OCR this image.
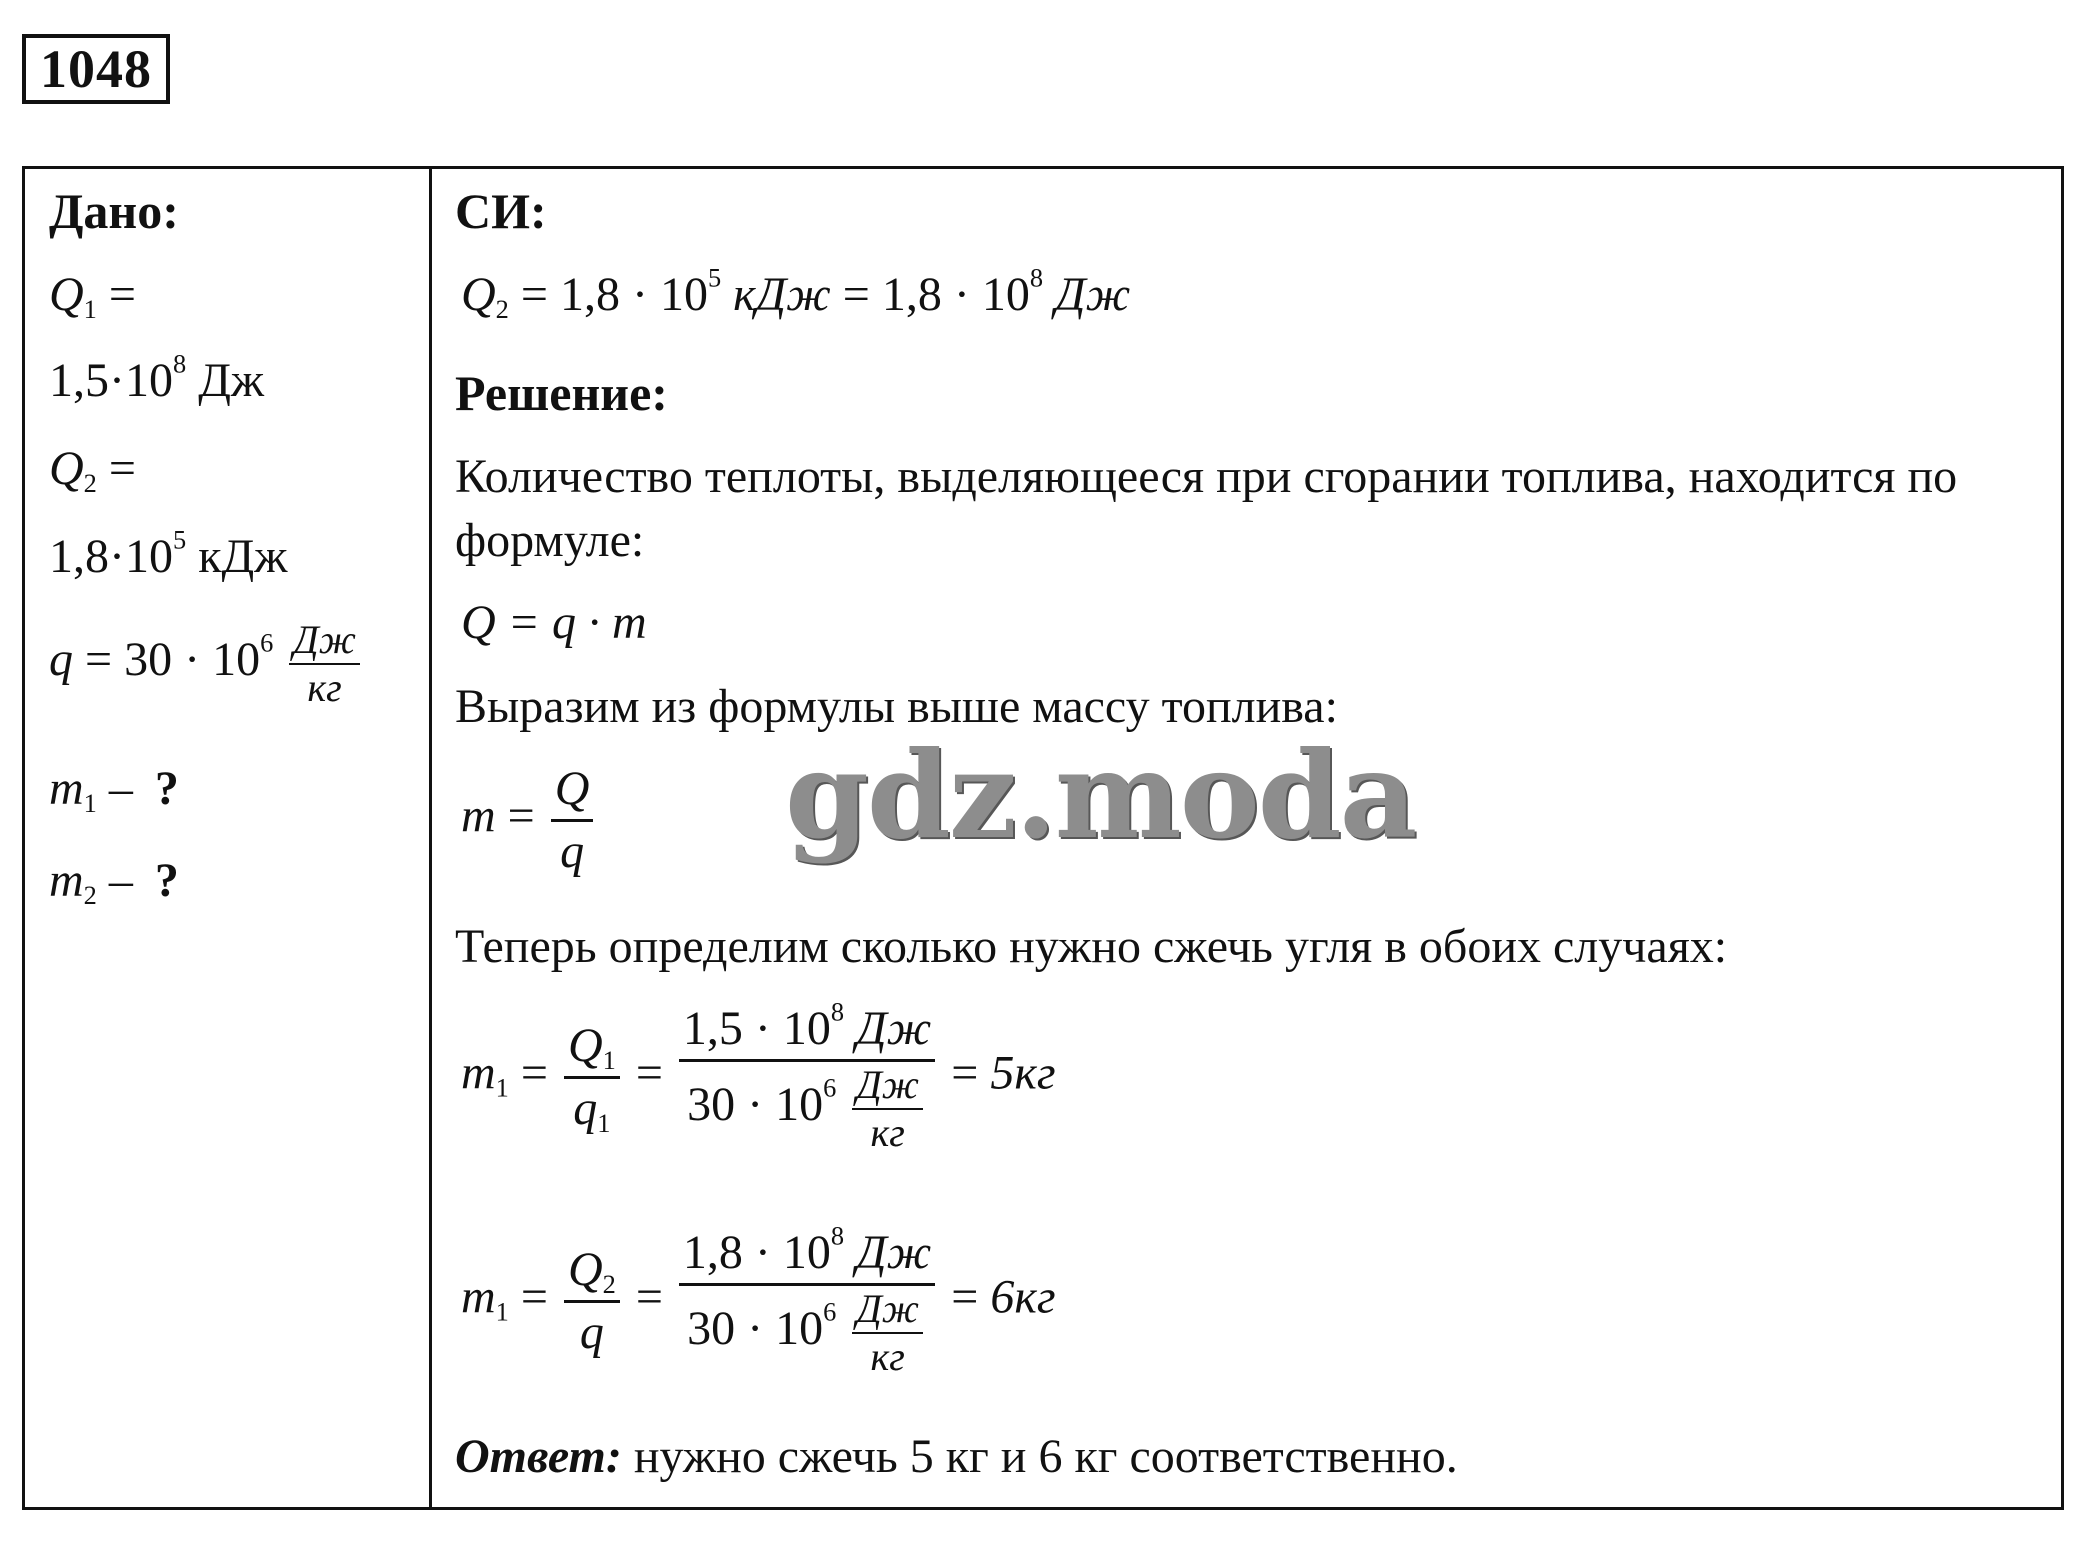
1048
Дано:
$Q_1$ =
$1,5\cdot 10^8$ Дж
$Q_2$ =
$1,8\cdot 10^5$ кДж
$q = 30 \cdot 10^6 \frac{Дж}{кг}$
$m_1$ – ?
$m_2$ – ?
СИ:
$Q_2 = 1,8 \cdot 10^5$ кДж = $1,8 \cdot 10^8$ Дж
Решение:
Количество теплоты, выделяющееся при сгорании топлива, находится по формуле:
Q = q · m
Выразим из формулы выше массу топлива:
$m = \frac{Q}{q}$
Теперь определим сколько нужно сжечь угля в обоих случаях:
$m_1 = \frac{Q_1}{q_1} = \frac{1,5 \cdot 10^8 Дж}{30 \cdot 10^6 \frac{Дж}{кг}} = 5кг$
$m_1 = \frac{Q_2}{q} = \frac{1,8 \cdot 10^8 Дж}{30 \cdot 10^6 \frac{Дж}{кг}} = 6кг$
Ответ: нужно сжечь 5 кг и 6 кг соответственно.
gdz.moda
